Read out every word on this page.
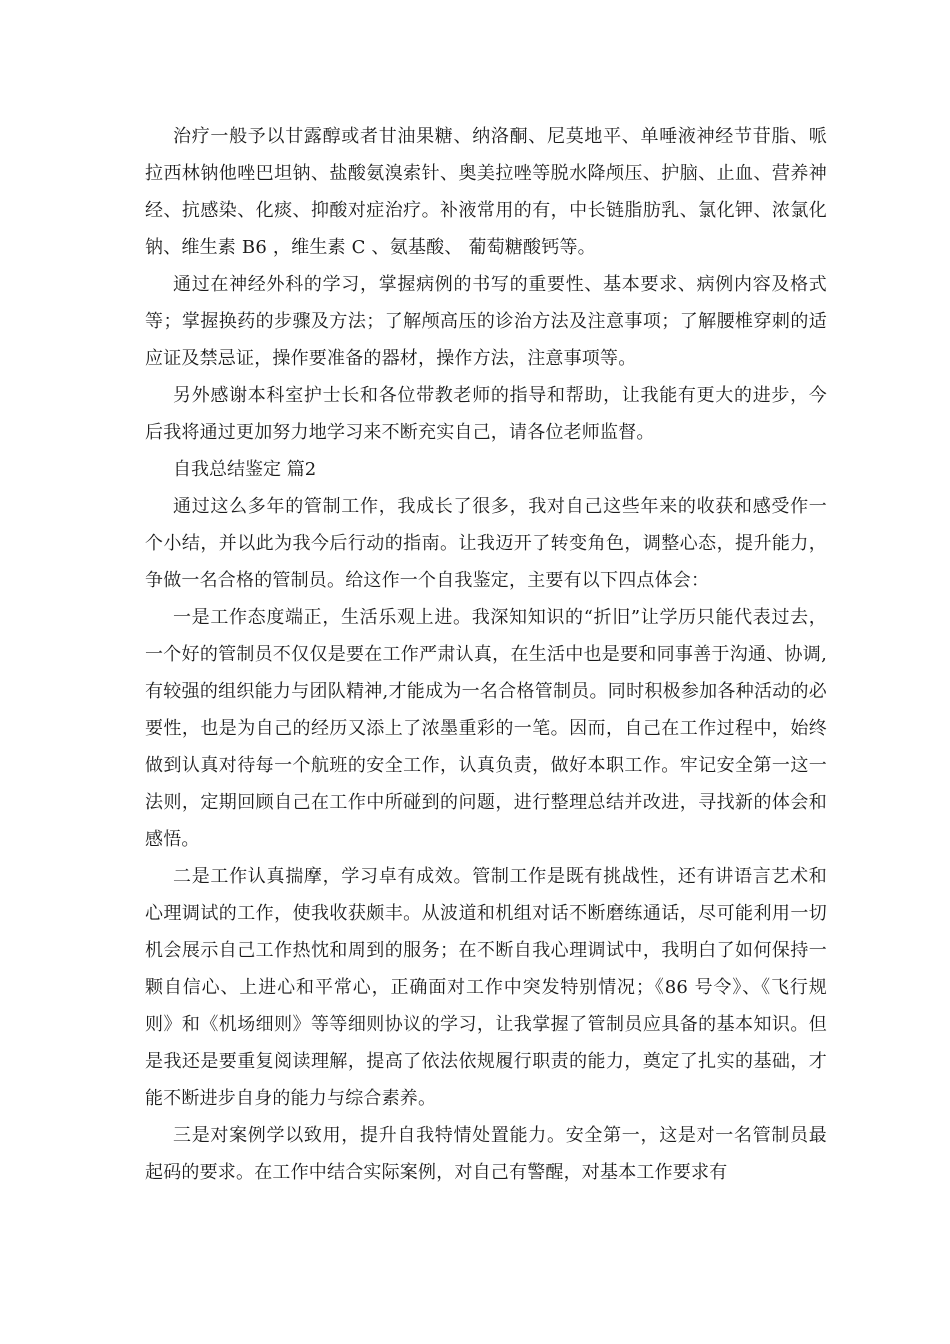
治疗一般予以甘露醇或者甘油果糖、纳洛酮、尼莫地平、单唾液神经节苷脂、哌拉西林钠他唑巴坦钠、盐酸氨溴索针、奥美拉唑等脱水降颅压、护脑、止血、营养神经、抗感染、化痰、抑酸对症治疗。补液常用的有，中长链脂肪乳、氯化钾、浓氯化钠、维生素 B6 ，维生素 C 、氨基酸、 葡萄糖酸钙等。

通过在神经外科的学习，掌握病例的书写的重要性、基本要求、病例内容及格式等；掌握换药的步骤及方法；了解颅高压的诊治方法及注意事项；了解腰椎穿刺的适应证及禁忌证，操作要准备的器材，操作方法，注意事项等。

另外感谢本科室护士长和各位带教老师的指导和帮助，让我能有更大的进步，今后我将通过更加努力地学习来不断充实自己，请各位老师监督。

自我总结鉴定 篇2

通过这么多年的管制工作，我成长了很多，我对自己这些年来的收获和感受作一个小结，并以此为我今后行动的指南。让我迈开了转变角色，调整心态，提升能力，争做一名合格的管制员。给这作一个自我鉴定，主要有以下四点体会：

一是工作态度端正，生活乐观上进。我深知知识的“折旧”让学历只能代表过去，一个好的管制员不仅仅是要在工作严肃认真，在生活中也是要和同事善于沟通、协调,有较强的组织能力与团队精神,才能成为一名合格管制员。同时积极参加各种活动的必要性，也是为自己的经历又添上了浓墨重彩的一笔。因而，自己在工作过程中，始终做到认真对待每一个航班的安全工作，认真负责，做好本职工作。牢记安全第一这一法则，定期回顾自己在工作中所碰到的问题，进行整理总结并改进，寻找新的体会和感悟。

二是工作认真揣摩，学习卓有成效。管制工作是既有挑战性，还有讲语言艺术和心理调试的工作，使我收获颇丰。从波道和机组对话不断磨练通话，尽可能利用一切机会展示自己工作热忱和周到的服务；在不断自我心理调试中，我明白了如何保持一颗自信心、上进心和平常心，正确面对工作中突发特别情况；《86 号令》、《飞行规则》和《机场细则》等等细则协议的学习，让我掌握了管制员应具备的基本知识。但是我还是要重复阅读理解，提高了依法依规履行职责的能力，奠定了扎实的基础，才能不断进步自身的能力与综合素养。

三是对案例学以致用，提升自我特情处置能力。安全第一，这是对一名管制员最起码的要求。在工作中结合实际案例，对自己有警醒，对基本工作要求有
